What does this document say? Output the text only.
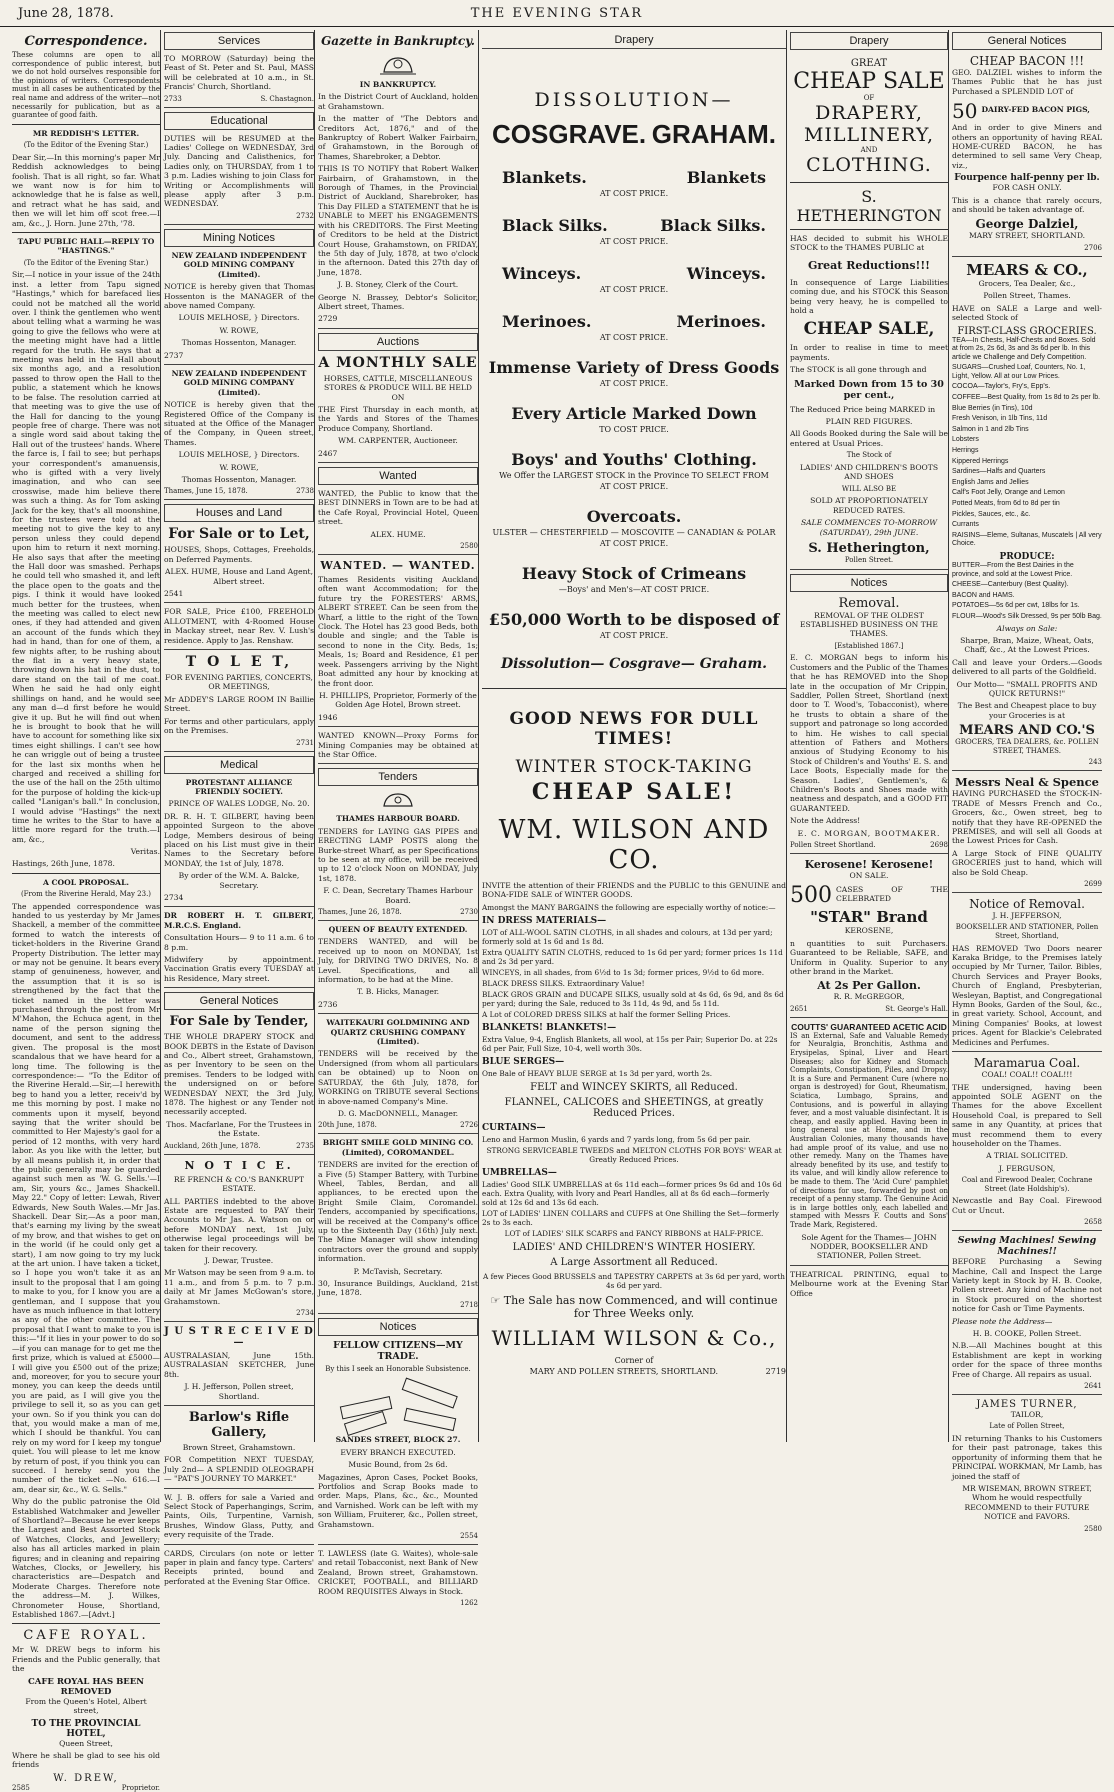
June 28, 1878.	THE EVENING STAR
Correspondence.

These columns are open to all correspondence of public interest, but we do not hold ourselves responsible for the opinions of writers. Correspondents must in all cases be authenticated by the real name and address of the writer—not necessarily for publication, but as a guarantee of good faith.

MR REDDISH'S LETTER.
(To the Editor of the Evening Star.)

Dear Sir,—In this morning's paper Mr Reddish acknowledges to being foolish. That is all right, so far. What we want now is for him to acknowledge that he is false as well, and retract what he has said, and then we will let him off scot free.—I am, &c., J. Horn. June 27th, '78.

TAPU PUBLIC HALL—REPLY TO "HASTINGS."
(To the Editor of the Evening Star.)

Sir,—I notice in your issue of the 24th inst. a letter from Tapu signed "Hastings," which for barefaced lies could not be matched all the world over. I think the gentlemen who went about telling what a warming he was going to give the fellows who were at the meeting might have had a little regard for the truth. He says that a meeting was held in the Hall about six months ago, and a resolution passed to throw open the Hall to the public, a statement which he knows to be false. The resolution carried at that meeting was to give the use of the Hall for dancing to the young people free of charge. There was not a single word said about taking the Hall out of the trustees' hands. Where the farce is, I fail to see; but perhaps your correspondent's amanuensis, who is gifted with a very lively imagination, and who can see crosswise, made him believe there was such a thing. As for Tom asking Jack for the key, that's all moonshine, for the trustees were told at the meeting not to give the key to any person unless they could depend upon him to return it next morning. He also says that after the meeting the Hall door was smashed. Perhaps he could tell who smashed it, and left the place open to the goats and the pigs. I think it would have looked much better for the trustees, when the meeting was called to elect new ones, if they had attended and given an account of the funds which they had in hand, than for one of them, a few nights after, to be rushing about the flat in a very heavy state, throwing down his hat in the dust, to dare stand on the tail of me coat. When he said he had only eight shillings on hand, and he would see any man d—d first before he would give it up. But he will find out when he is brought to book that he will have to account for something like six times eight shillings. I can't see how he can wriggle out of being a trustee for the last six months when he charged and received a shilling for the use of the hall on the 25th ultimo for the purpose of holding the kick-up called "Lanigan's ball." In conclusion, I would advise "Hastings" the next time he writes to the Star to have a little more regard for the truth.—I am, &c.,

Veritas.
Hastings, 26th June, 1878.
A COOL PROPOSAL.
(From the Riverine Herald, May 23.)

The appended correspondence was handed to us yesterday by Mr James Shackell, a member of the committee formed to watch the interests of ticket-holders in the Riverine Grand Property Distribution. The letter may or may not be genuine. It bears every stamp of genuineness, however, and the assumption that it is so is strengthened by the fact that the ticket named in the letter was purchased through the post from Mr M'Mahon, the Echuca agent, in the name of the person signing the document, and sent to the address given. The proposal is the most scandalous that we have heard for a long time. The following is the correspondence:— "To the Editor of the Riverine Herald.—Sir,—I herewith beg to hand you a letter, receiv'd by me this morning by post. I make no comments upon it myself, beyond saying that the writer should be committed to Her Majesty's gaol for a period of 12 months, with very hard labor. As you like with the letter, but by all means publish it, in order that the public generally may be guarded against such men as 'W. G. Sells.'—I am, Sir, yours &c., James Shackell. May 22." Copy of letter: Lewah, River Edwards, New South Wales.—Mr Jas. Shackell. Dear Sir,—As a poor man, that's earning my living by the sweat of my brow, and that wishes to get on in the world (if he could only get a start), I am now going to try my luck at the art union. I have taken a ticket, so I hope you won't take it as an insult to the proposal that I am going to make to you, for I know you are a gentleman, and I suppose that you have as much influence in that lottery as any of the other committee. The proposal that I want to make to you is this:—"If it lies in your power to do so—if you can manage for to get me the first prize, which is valued at £5000—I will give you £500 out of the prize; and, moreover, for you to secure your money, you can keep the deeds until you are paid, as I will give you the privilege to sell it, so as you can get your own. So if you think you can do that, you would make a man of me, which I should be thankful. You can rely on my word for I keep my tongue quiet. You will please to let me know by return of post, if you think you can succeed. I hereby send you the number of the ticket —No. 616.—I am, dear sir, &c., W. G. Sells."

Why do the public patronise the Old Established Watchmaker and Jeweller of Shortland?—Because he ever keeps the Largest and Best Assorted Stock of Watches, Clocks, and Jewellery; also has all articles marked in plain figures; and in cleaning and repairing Watches, Clocks, or Jewellery, his characteristics are—Despatch and Moderate Charges. Therefore note the address—M. J. Wilkes, Chronometer House, Shortland, Established 1867.—[Advt.]

CAFE ROYAL.

Mr W. DREW begs to inform his Friends and the Public generally, that the

CAFE ROYAL HAS BEEN REMOVED
From the Queen's Hotel, Albert street,
TO THE PROVINCIAL HOTEL,
Queen Street,
Where he shall be glad to see his old friends
W. DREW,
2585	Proprietor.
Services

TO MORROW (Saturday) being the Feast of St. Peter and St. Paul, MASS will be celebrated at 10 a.m., in St. Francis' Church, Shortland.

2733	S. Chastagnon.
Educational

DUTIES will be RESUMED at the Ladies' College on WEDNESDAY, 3rd July. Dancing and Calisthenics, for Ladies only, on THURSDAY, from 1 to 3 p.m. Ladies wishing to join Class for Writing or Accomplishments will please apply after 3 p.m. WEDNESDAY.

2732
Mining Notices
NEW ZEALAND INDEPENDENT GOLD MINING COMPANY (Limited).

NOTICE is hereby given that Thomas Hossenton is the MANAGER of the above named Company.

LOUIS MELHOSE, } Directors.
W. ROWE,
Thomas Hossenton, Manager.
2737
NEW ZEALAND INDEPENDENT GOLD MINING COMPANY (Limited).

NOTICE is hereby given that the Registered Office of the Company is situated at the Office of the Manager of the Company, in Queen street, Thames.

LOUIS MELHOSE, } Directors.
W. ROWE,
Thomas Hossenton, Manager.
Thames, June 15, 1878.	2738
Houses and Land
For Sale or to Let,

HOUSES, Shops, Cottages, Freeholds, on Deferred Payments.

ALEX. HUME, House and Land Agent, Albert street.
2541

FOR SALE, Price £100, FREEHOLD ALLOTMENT, with 4-Roomed House in Mackay street, near Rev. V. Lush's residence. Apply to Jas. Renshaw.

T O L E T,
FOR EVENING PARTIES, CONCERTS, OR MEETINGS,

Mr ADDEY'S LARGE ROOM IN Baillie Street.

For terms and other particulars, apply on the Premises.

2731
Medical
PROTESTANT ALLIANCE FRIENDLY SOCIETY.
PRINCE OF WALES LODGE, No. 20.

DR. R. H. T. GILBERT, having been appointed Surgeon to the above Lodge, Members desirous of being placed on his List must give in their Names to the Secretary before MONDAY, the 1st of July, 1878.

By order of the W.M. A. Balcke, Secretary.
2734
DR ROBERT H. T. GILBERT, M.R.C.S. England.

Consultation Hours— 9 to 11 a.m. 6 to 8 p.m.

Midwifery by appointment. Vaccination Gratis every TUESDAY at his Residence, Mary street.

General Notices
For Sale by Tender,

THE WHOLE DRAPERY STOCK and BOOK DEBTS in the Estate of Davison and Co., Albert street, Grahamstown, as per Inventory to be seen on the premises. Tenders to be lodged with the undersigned on or before WEDNESDAY NEXT, the 3rd July, 1878. The highest or any Tender not necessarily accepted.

Thos. Macfarlane, For the Trustees in the Estate.
Auckland, 26th June, 1878.	2735
N O T I C E.
RE FRENCH & CO.'S BANKRUPT ESTATE.

ALL PARTIES indebted to the above Estate are requested to PAY their Accounts to Mr Jas. A. Watson on or before MONDAY next, 1st July, otherwise legal proceedings will be taken for their recovery.

J. Dewar, Trustee.

Mr Watson may be seen from 9 a.m. to 11 a.m., and from 5 p.m. to 7 p.m. daily at Mr James McGowan's store, Grahamstown.

2734
J U S T R E C E I V E D —

AUSTRALASIAN, June 15th. AUSTRALASIAN SKETCHER, June 8th.

J. H. Jefferson, Pollen street, Shortland.
Barlow's Rifle Gallery,
Brown Street, Grahamstown.

FOR Competition NEXT TUESDAY, July 2nd— A SPLENDID OLEOGRAPH— "PAT'S JOURNEY TO MARKET."

W. J. B. offers for sale a Varied and Select Stock of Paperhangings, Scrim, Paints, Oils, Turpentine, Varnish, Brushes, Window Glass, Putty, and every requisite of the Trade.

CARDS, Circulars (on note or letter paper in plain and fancy type. Carters' Receipts printed, bound and perforated at the Evening Star Office.

Gazette in Bankruptcy.
IN BANKRUPTCY.

In the District Court of Auckland, holden at Grahamstown.

In the matter of "The Debtors and Creditors Act, 1876," and of the Bankruptcy of Robert Walker Fairbairn, of Grahamstown, in the Borough of Thames, Sharebroker, a Debtor.

THIS IS TO NOTIFY that Robert Walker Fairbairn, of Grahamstown, in the Borough of Thames, in the Provincial District of Auckland, Sharebroker, has This Day FILED a STATEMENT that he is UNABLE to MEET his ENGAGEMENTS with his CREDITORS. The First Meeting of Creditors to be held at the District Court House, Grahamstown, on FRIDAY, the 5th day of July, 1878, at two o'clock in the afternoon. Dated this 27th day of June, 1878.

J. B. Stoney, Clerk of the Court.

George N. Brassey, Debtor's Solicitor, Albert street, Thames.

2729
Auctions
A MONTHLY SALE
HORSES, CATTLE, MISCELLANEOUS STORES & PRODUCE WILL BE HELD ON

THE First Thursday in each month, at the Yards and Stores of the Thames Produce Company, Shortland.

WM. CARPENTER, Auctioneer.
2467
Wanted

WANTED, the Public to know that the BEST DINNERS in Town are to be had at the Cafe Royal, Provincial Hotel, Queen street.

ALEX. HUME.
2580
WANTED. — WANTED.

Thames Residents visiting Auckland often want Accommodation; for the future try the FORESTERS' ARMS, ALBERT STREET. Can be seen from the Wharf, a little to the right of the Town Clock. The Hotel has 23 good Beds, both double and single; and the Table is second to none in the City. Beds, 1s; Meals, 1s; Board and Residence, £1 per week. Passengers arriving by the Night Boat admitted any hour by knocking at the front door.

H. PHILLIPS, Proprietor, Formerly of the Golden Age Hotel, Brown street.
1946

WANTED KNOWN—Proxy Forms for Mining Companies may be obtained at the Star Office.

Tenders
THAMES HARBOUR BOARD.

TENDERS for LAYING GAS PIPES and ERECTING LAMP POSTS along the Burke-street Wharf, as per Specifications to be seen at my office, will be received up to 12 o'clock Noon on MONDAY, July 1st, 1878.

F. C. Dean, Secretary Thames Harbour Board.
Thames, June 26, 1878.	2730
QUEEN OF BEAUTY EXTENDED.

TENDERS WANTED, and will be received up to noon on MONDAY, 1st July, for DRIVING TWO DRIVES, No. 8 Level. Specifications, and all information, to be had at the Mine.

T. B. Hicks, Manager.
2736
WAITEKAURI GOLDMINING AND QUARTZ CRUSHING COMPANY (Limited).

TENDERS will be received by the Undersigned (from whom all particulars can be obtained) up to Noon on SATURDAY, the 6th July, 1878, for WORKING on TRIBUTE several Sections in above-named Company's Mine.

D. G. MacDONNELL, Manager.
20th June, 1878.	2726
BRIGHT SMILE GOLD MINING CO. (Limited), COROMANDEL.

TENDERS are invited for the erection of a Five (5) Stamper Battery, with Turbine Wheel, Tables, Berdan, and all appliances, to be erected upon the Bright Smile Claim, Coromandel. Tenders, accompanied by specifications, will be received at the Company's office up to the Sixteenth Day (16th) July next. The Mine Manager will show intending contractors over the ground and supply information.

P. McTavish, Secretary.
30, Insurance Buildings, Auckland, 21st June, 1878.
2718
Notices
FELLOW CITIZENS—MY TRADE.
By this I seek an Honorable Subsistence.
SANDES STREET, BLOCK 27.
EVERY BRANCH EXECUTED.
Music Bound, from 2s 6d.

Magazines, Apron Cases, Pocket Books, Portfolios and Scrap Books made to order. Maps, Plans, &c., &c., Mounted and Varnished. Work can be left with my son William, Fruiterer, &c., Pollen street, Grahamstown.

2554

T. LAWLESS (late G. Waites), whole-sale and retail Tobacconist, next Bank of New Zealand, Brown street, Grahamstown. CRICKET, FOOTBALL, and BILLIARD ROOM REQUISITES Always in Stock.

1262
Drapery
DISSOLUTION—
COSGRAVE. GRAHAM.
Blankets.	Blankets
AT COST PRICE.
Black Silks.	Black Silks.
AT COST PRICE.
Winceys.	Winceys.
AT COST PRICE.
Merinoes.	Merinoes.
AT COST PRICE.
Immense Variety of Dress Goods
AT COST PRICE.
Every Article Marked Down
TO COST PRICE.
Boys' and Youths' Clothing.
We Offer the LARGEST STOCK in the Province TO SELECT FROM
AT COST PRICE.
Overcoats.
ULSTER — CHESTERFIELD — MOSCOVITE — CANADIAN & POLAR
AT COST PRICE.
Heavy Stock of Crimeans
—Boys' and Men's—AT COST PRICE.
£50,000 Worth to be disposed of
AT COST PRICE.
Dissolution— Cosgrave— Graham.
GOOD NEWS FOR DULL TIMES!
WINTER STOCK-TAKING
CHEAP SALE!
WM. WILSON AND CO.

INVITE the attention of their FRIENDS and the PUBLIC to this GENUINE and BONA-FIDE SALE of WINTER GOODS.

Amongst the MANY BARGAINS the following are especially worthy of notice:—

IN DRESS MATERIALS—

LOT of ALL-WOOL SATIN CLOTHS, in all shades and colours, at 13d per yard; formerly sold at 1s 6d and 1s 8d.

Extra QUALITY SATIN CLOTHS, reduced to 1s 6d per yard; former prices 1s 11d and 2s 3d per yard.

WINCEYS, in all shades, from 6½d to 1s 3d; former prices, 9½d to 6d more.

BLACK DRESS SILKS. Extraordinary Value!

BLACK GROS GRAIN and DUCAPE SILKS, usually sold at 4s 6d, 6s 9d, and 8s 6d per yard; during the Sale, reduced to 3s 11d, 4s 9d, and 5s 11d.

A Lot of COLORED DRESS SILKS at half the former Selling Prices.

BLANKETS! BLANKETS!—

Extra Value, 9-4, English Blankets, all wool, at 15s per Pair; Superior Do. at 22s 6d per Pair, Full Size, 10-4, well worth 30s.

BLUE SERGES—

One Bale of HEAVY BLUE SERGE at 1s 3d per yard, worth 2s.

FELT and WINCEY SKIRTS, all Reduced.
FLANNEL, CALICOES and SHEETINGS, at greatly Reduced Prices.
CURTAINS—

Leno and Harmon Muslin, 6 yards and 7 yards long, from 5s 6d per pair.

STRONG SERVICEABLE TWEEDS and MELTON CLOTHS FOR BOYS' WEAR at Greatly Reduced Prices.

UMBRELLAS—

Ladies' Good SILK UMBRELLAS at 6s 11d each—former prices 9s 6d and 10s 6d each. Extra Quality, with Ivory and Pearl Handles, all at 8s 6d each—formerly sold at 12s 6d and 13s 6d each.

LOT of LADIES' LINEN COLLARS and CUFFS at One Shilling the Set—formerly 2s to 3s each.

LOT of LADIES' SILK SCARFS and FANCY RIBBONS at HALF-PRICE.

LADIES' AND CHILDREN'S WINTER HOSIERY.
A Large Assortment all Reduced.

A few Pieces Good BRUSSELS and TAPESTRY CARPETS at 3s 6d per yard, worth 4s 6d per yard.

☞ The Sale has now Commenced, and will continue for Three Weeks only.
WILLIAM WILSON & Co.,
Corner of
MARY AND POLLEN STREETS, SHORTLAND.	2719
Drapery
GREAT
CHEAP SALE
OF
DRAPERY,
MILLINERY,
AND
CLOTHING.
S. HETHERINGTON

HAS decided to submit his WHOLE STOCK to the THAMES PUBLIC at

Great Reductions!!!

In consequence of Large Liabilities coming due, and his STOCK this Season being very heavy, he is compelled to hold a

CHEAP SALE,

In order to realise in time to meet payments.

The STOCK is all gone through and

Marked Down from 15 to 30 per cent.,

The Reduced Price being MARKED in

PLAIN RED FIGURES.

All Goods Booked during the Sale will be entered at Usual Prices.

The Stock of
LADIES' AND CHILDREN'S BOOTS AND SHOES
WILL ALSO BE
SOLD AT PROPORTIONATELY REDUCED RATES.
SALE COMMENCES TO-MORROW (SATURDAY), 29th JUNE.
S. Hetherington,
Pollen Street.
Notices
Removal.
REMOVAL OF THE OLDEST ESTABLISHED BUSINESS ON THE THAMES.
[Established 1867.]

E. C. MORGAN begs to inform his Customers and the Public of the Thames that he has REMOVED into the Shop late in the occupation of Mr Crippin, Saddler, Pollen Street, Shortland (next door to T. Wood's, Tobacconist), where he trusts to obtain a share of the support and patronage so long accorded to him. He wishes to call special attention of Fathers and Mothers anxious of Studying Economy to his Stock of Children's and Youths' E. S. and Lace Boots, Especially made for the Season. Ladies', Gentlemen's, & Children's Boots and Shoes made with neatness and despatch, and a GOOD FIT GUARANTEED.

Note the Address!
E. C. MORGAN, BOOTMAKER.
Pollen Street Shortland.	2698
Kerosene! Kerosene!
ON SALE.
500 CASES OF THE CELEBRATED
"STAR" Brand
KEROSENE,

n quantities to suit Purchasers. Guaranteed to be Reliable, SAFE, and Uniform in Quality. Superior to any other brand in the Market.

At 2s Per Gallon.
R. R. McGREGOR,
2651	St. George's Hall.
COUTTS' GUARANTEED ACETIC ACID

IS an External, Safe and Valuable Remedy for Neuralgia, Bronchitis, Asthma and Erysipelas, Spinal, Liver and Heart Diseases; also for Kidney and Stomach Complaints, Constipation, Piles, and Dropsy. It is a Sure and Permanent Cure (where no organ is destroyed) for Gout, Rheumatism, Sciatica, Lumbago, Sprains, and Contusions, and is powerful in allaying fever, and a most valuable disinfectant. It is cheap, and easily applied. Having been in long general use at Home, and in the Australian Colonies, many thousands have had ample proof of its value, and use no other remedy. Many on the Thames have already benefited by its use, and testify to its value, and will kindly allow reference to be made to them. The 'Acid Cure' pamphlet of directions for use, forwarded by post on receipt of a penny stamp. The Genuine Acid is in large bottles only, each labelled and stamped with Messrs F. Coutts and Sons' Trade Mark, Registered.

Sole Agent for the Thames— JOHN NODDER, BOOKSELLER AND STATIONER, Pollen Street.

THEATRICAL PRINTING, equal to Melbourne work at the Evening Star Office

General Notices
CHEAP BACON !!!

GEO. DALZIEL wishes to inform the Thames Public that he has just Purchased a SPLENDID LOT of

50 DAIRY-FED BACON PIGS,

And in order to give Miners and others an opportunity of having REAL HOME-CURED BACON, he has determined to sell same Very Cheap, viz.,

Fourpence half-penny per lb.
FOR CASH ONLY.

This is a chance that rarely occurs, and should be taken advantage of.

George Dalziel,
MARY STREET, SHORTLAND.
2706
MEARS & CO.,
Grocers, Tea Dealer, &c.,
Pollen Street, Thames.

HAVE on SALE a Large and well-selected Stock of

FIRST-CLASS GROCERIES.
TEA—In Chests, Half-Chests and Boxes. Sold at from 2s, 2s 6d, 3s and 3s 6d per lb. In this article we Challenge and Defy Competition.
SUGARS—Crushed Loaf, Counters, No. 1, Light, Yellow. All at our Low Prices.
COCOA—Taylor's, Fry's, Epp's.
COFFEE—Best Quality, from 1s 8d to 2s per lb.
Blue Berries (in Tins), 10d
Fresh Venison, in 1lb Tins, 11d
Salmon in 1 and 2lb Tins
Lobsters
Herrings
Kippered Herrings
Sardines—Halfs and Quarters
English Jams and Jellies
Calf's Foot Jelly, Orange and Lemon
Potted Meats, from 6d to 8d per tin
Pickles, Sauces, etc., &c.
Currants
RAISINS—Eleme, Sultanas, Muscatels | All very Choice.
PRODUCE:
BUTTER—From the Best Dairies in the province, and sold at the Lowest Price.
CHEESE—Canterbury (Best Quality).
BACON and HAMS.
POTATOES—5s 6d per cwt, 18lbs for 1s.
FLOUR—Wood's Silk Dressed, 9s per 50lb Bag.
Always on Sale:

Sharpe, Bran, Maize, Wheat, Oats, Chaff, &c., At the Lowest Prices.

Call and leave your Orders.—Goods delivered to all parts of the Goldfield.

Our Motto— "SMALL PROFITS AND QUICK RETURNS!"

The Best and Cheapest place to buy your Groceries is at

MEARS AND CO.'S
GROCERS, TEA DEALERS, &c. POLLEN STREET, THAMES.
243
Messrs Neal & Spence

HAVING PURCHASED the STOCK-IN-TRADE of Messrs French and Co., Grocers, &c., Owen street, beg to notify that they have RE-OPENED the PREMISES, and will sell all Goods at the Lowest Prices for Cash.

A Large Stock of FINE QUALITY GROCERIES just to hand, which will also be Sold Cheap.

2699
Notice of Removal.
J. H. JEFFERSON,
BOOKSELLER AND STATIONER, Pollen Street, Shortland,

HAS REMOVED Two Doors nearer Karaka Bridge, to the Premises lately occupied by Mr Turner, Tailor. Bibles, Church Services and Prayer Books, Church of England, Presbyterian, Wesleyan, Baptist, and Congregational Hymn Books, Garden of the Soul, &c., in great variety. School, Account, and Mining Companies' Books, at lowest prices. Agent for Blackie's Celebrated Medicines and Perfumes.

Maramarua Coal.
COAL! COAL!! COAL!!!

THE undersigned, having been appointed SOLE AGENT on the Thames for the above Excellent Household Coal, is prepared to Sell same in any Quantity, at prices that must recommend them to every householder on the Thames.

A TRIAL SOLICITED.
J. FERGUSON,
Coal and Firewood Dealer, Cochrane Street (late Holdship's).

Newcastle and Bay Coal. Firewood Cut or Uncut.

2658
Sewing Machines! Sewing Machines!!

BEFORE Purchasing a Sewing Machine, Call and Inspect the Large Variety kept in Stock by H. B. Cooke, Pollen street. Any kind of Machine not in Stock procured on the shortest notice for Cash or Time Payments.

Please note the Address—
H. B. COOKE, Pollen Street.

N.B.—All Machines bought at this Establishment are kept in working order for the space of three months Free of Charge. All repairs as usual.

2641
JAMES TURNER,
TAILOR,
Late of Pollen Street,

IN returning Thanks to his Customers for their past patronage, takes this opportunity of informing them that he PRINCIPAL WORKMAN, Mr Lamb, has joined the staff of

MR WISEMAN, BROWN STREET, Whom he would respectfully RECOMMEND to their FUTURE NOTICE and FAVORS.

2580
